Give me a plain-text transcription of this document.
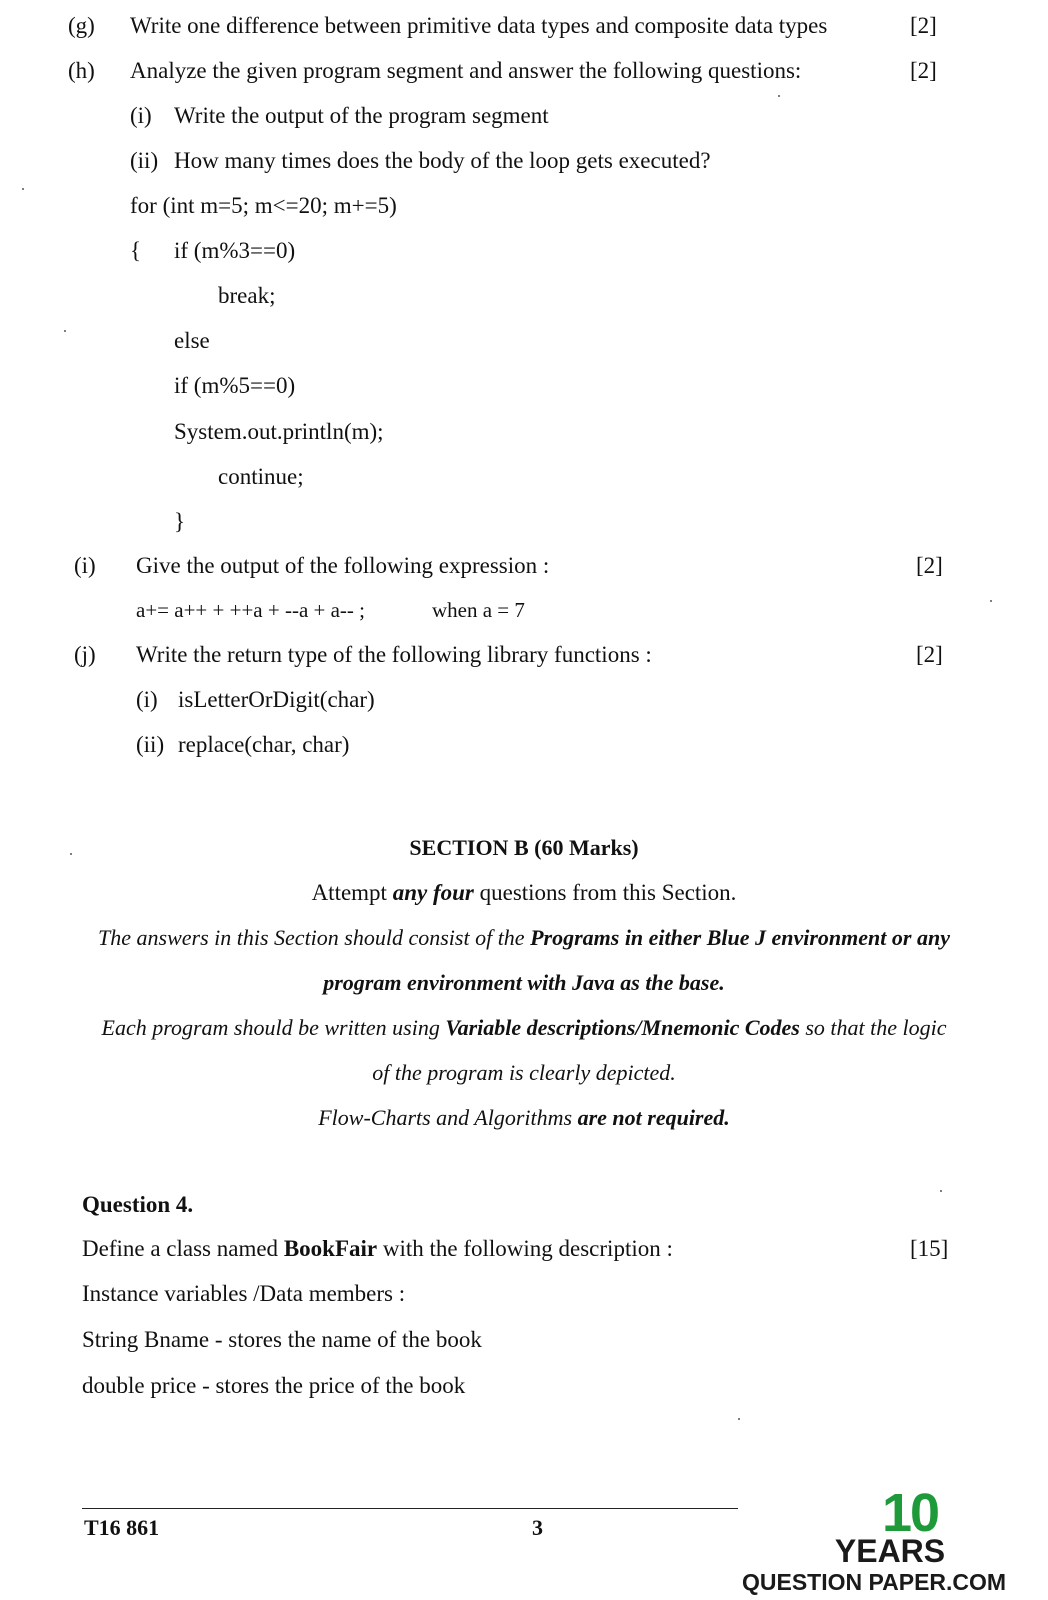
(g) Write one difference between primitive data types and composite data types	[2]
(h) Analyze the given program segment and answer the following questions:	[2]
(i) Write the output of the program segment
(ii) How many times does the body of the loop gets executed?
for (int m=5; m<=20; m+=5)
{ if (m%3==0)
break;
else
if (m%5==0)
System.out.println(m);
continue;
}
(i) Give the output of the following expression :	[2]
a+= a++ + ++a + --a + a-- ;	when a = 7
(j) Write the return type of the following library functions :	[2]
(i) isLetterOrDigit(char)
(ii) replace(char, char)
SECTION B (60 Marks)
Attempt any four questions from this Section.
The answers in this Section should consist of the Programs in either Blue J environment or any
program environment with Java as the base.
Each program should be written using Variable descriptions/Mnemonic Codes so that the logic
of the program is clearly depicted.
Flow-Charts and Algorithms are not required.
Question 4.
Define a class named BookFair with the following description :	[15]
Instance variables /Data members :
String Bname - stores the name of the book
double price - stores the price of the book
T16 861	3	10
YEARS
QUESTION PAPER.COM
